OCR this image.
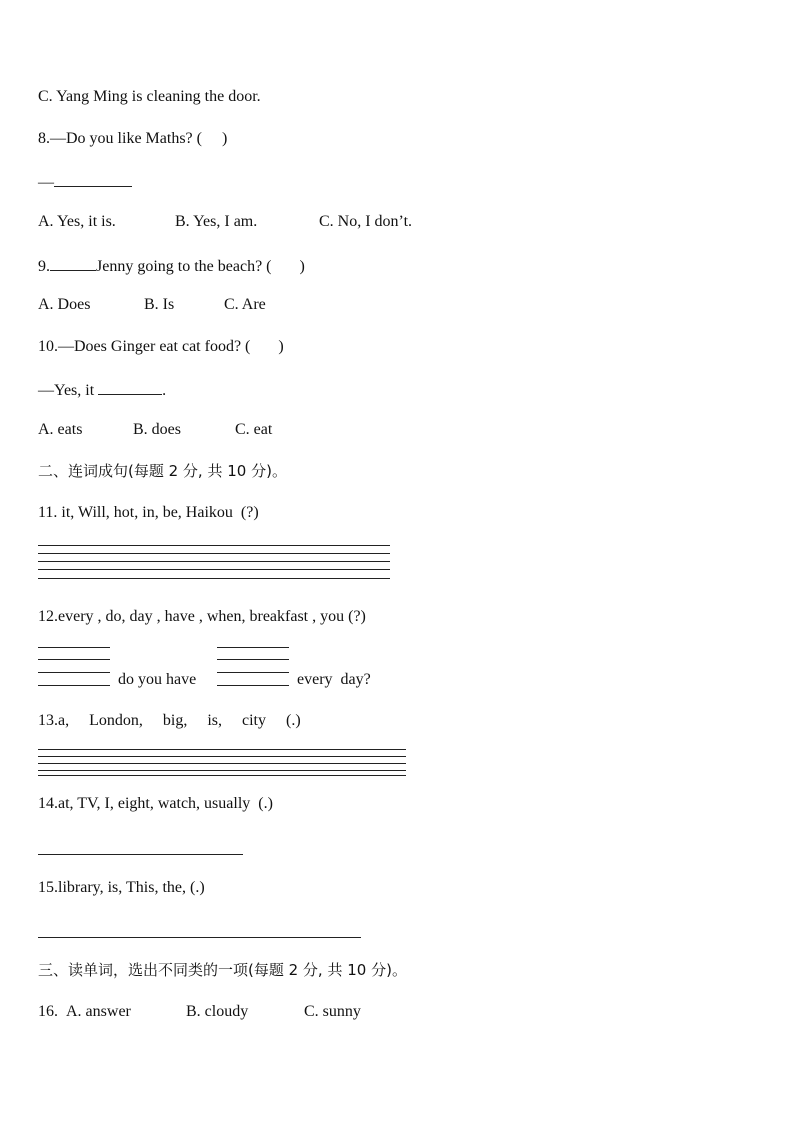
C. Yang Ming is cleaning the door.
8.—Do you like Maths? (     )
—
A. Yes, it is.	B. Yes, I am.	C. No, I don’t.
9.	Jenny going to the beach? (       )
A. Does	B. Is	C. Are
10.—Does Ginger eat cat food? (       )
—Yes, it	.
A. eats	B. does	C. eat
二、连词成句(每题 2 分, 共 10 分)。
11. it, Will, hot, in, be, Haikou  (?)
12.every , do, day , have , when, breakfast , you (?)
do you have	every  day?
13.a,     London,     big,     is,     city     (.)
14.at, TV, I, eight, watch, usually  (.)
15.library, is, This, the, (.)
三、读单词，选出不同类的一项(每题 2 分, 共 10 分)。
16. A. answer	B. cloudy	C. sunny
